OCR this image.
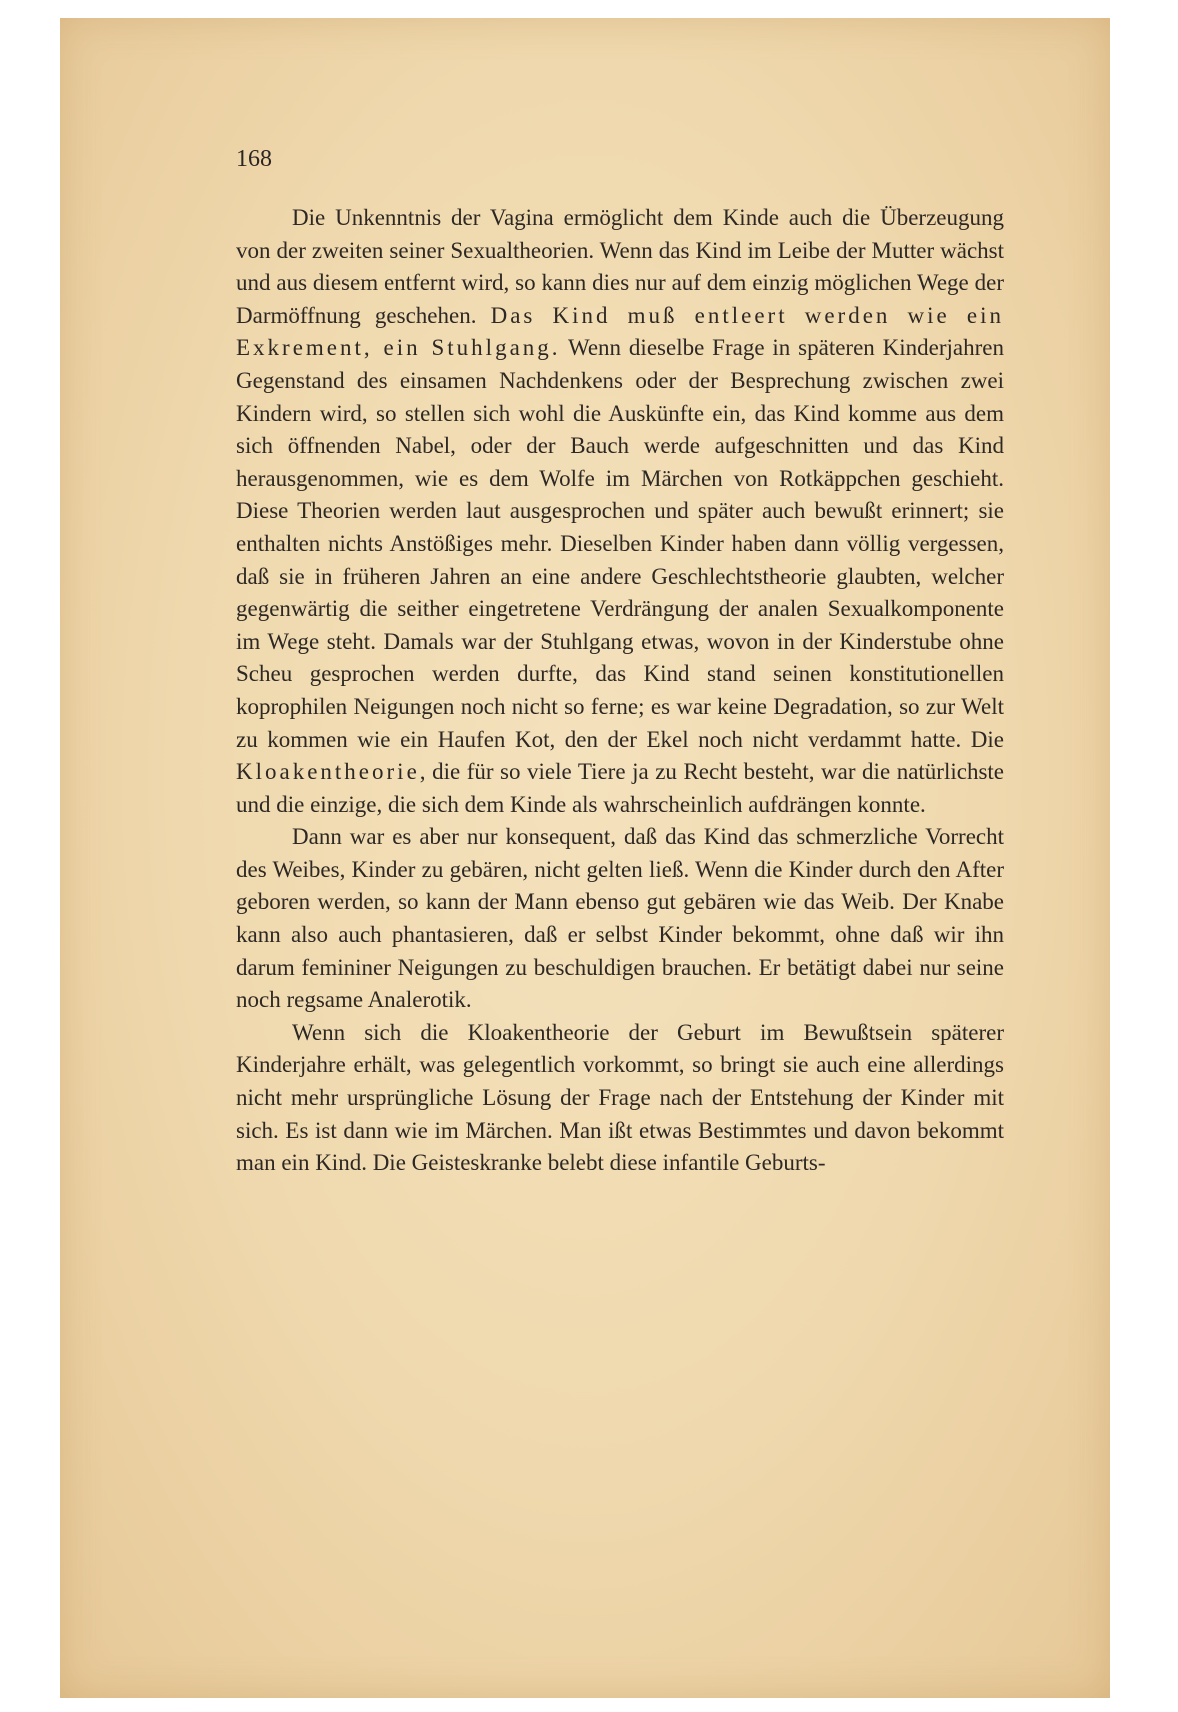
168

Die Unkenntnis der Vagina ermöglicht dem Kinde auch die Überzeugung von der zweiten seiner Sexualtheorien. Wenn das Kind im Leibe der Mutter wächst und aus diesem entfernt wird, so kann dies nur auf dem einzig möglichen Wege der Darmöffnung geschehen. Das Kind muß entleert werden wie ein Exkrement, ein Stuhlgang. Wenn dieselbe Frage in späteren Kinderjahren Gegenstand des einsamen Nachdenkens oder der Besprechung zwischen zwei Kindern wird, so stellen sich wohl die Auskünfte ein, das Kind komme aus dem sich öffnenden Nabel, oder der Bauch werde aufgeschnitten und das Kind herausgenommen, wie es dem Wolfe im Märchen von Rotkäppchen geschieht. Diese Theorien werden laut ausgesprochen und später auch bewußt erinnert; sie enthalten nichts Anstößiges mehr. Dieselben Kinder haben dann völlig vergessen, daß sie in früheren Jahren an eine andere Geschlechtstheorie glaubten, welcher gegenwärtig die seither eingetretene Verdrängung der analen Sexualkomponente im Wege steht. Damals war der Stuhlgang etwas, wovon in der Kinderstube ohne Scheu gesprochen werden durfte, das Kind stand seinen konstitutionellen koprophilen Neigungen noch nicht so ferne; es war keine Degradation, so zur Welt zu kommen wie ein Haufen Kot, den der Ekel noch nicht verdammt hatte. Die Kloakentheorie, die für so viele Tiere ja zu Recht besteht, war die natürlichste und die einzige, die sich dem Kinde als wahrscheinlich aufdrängen konnte.

Dann war es aber nur konsequent, daß das Kind das schmerzliche Vorrecht des Weibes, Kinder zu gebären, nicht gelten ließ. Wenn die Kinder durch den After geboren werden, so kann der Mann ebenso gut gebären wie das Weib. Der Knabe kann also auch phantasieren, daß er selbst Kinder bekommt, ohne daß wir ihn darum femininer Neigungen zu beschuldigen brauchen. Er betätigt dabei nur seine noch regsame Analerotik.

Wenn sich die Kloakentheorie der Geburt im Bewußtsein späterer Kinderjahre erhält, was gelegentlich vorkommt, so bringt sie auch eine allerdings nicht mehr ursprüngliche Lösung der Frage nach der Entstehung der Kinder mit sich. Es ist dann wie im Märchen. Man ißt etwas Bestimmtes und davon bekommt man ein Kind. Die Geisteskranke belebt diese infantile Geburts-
